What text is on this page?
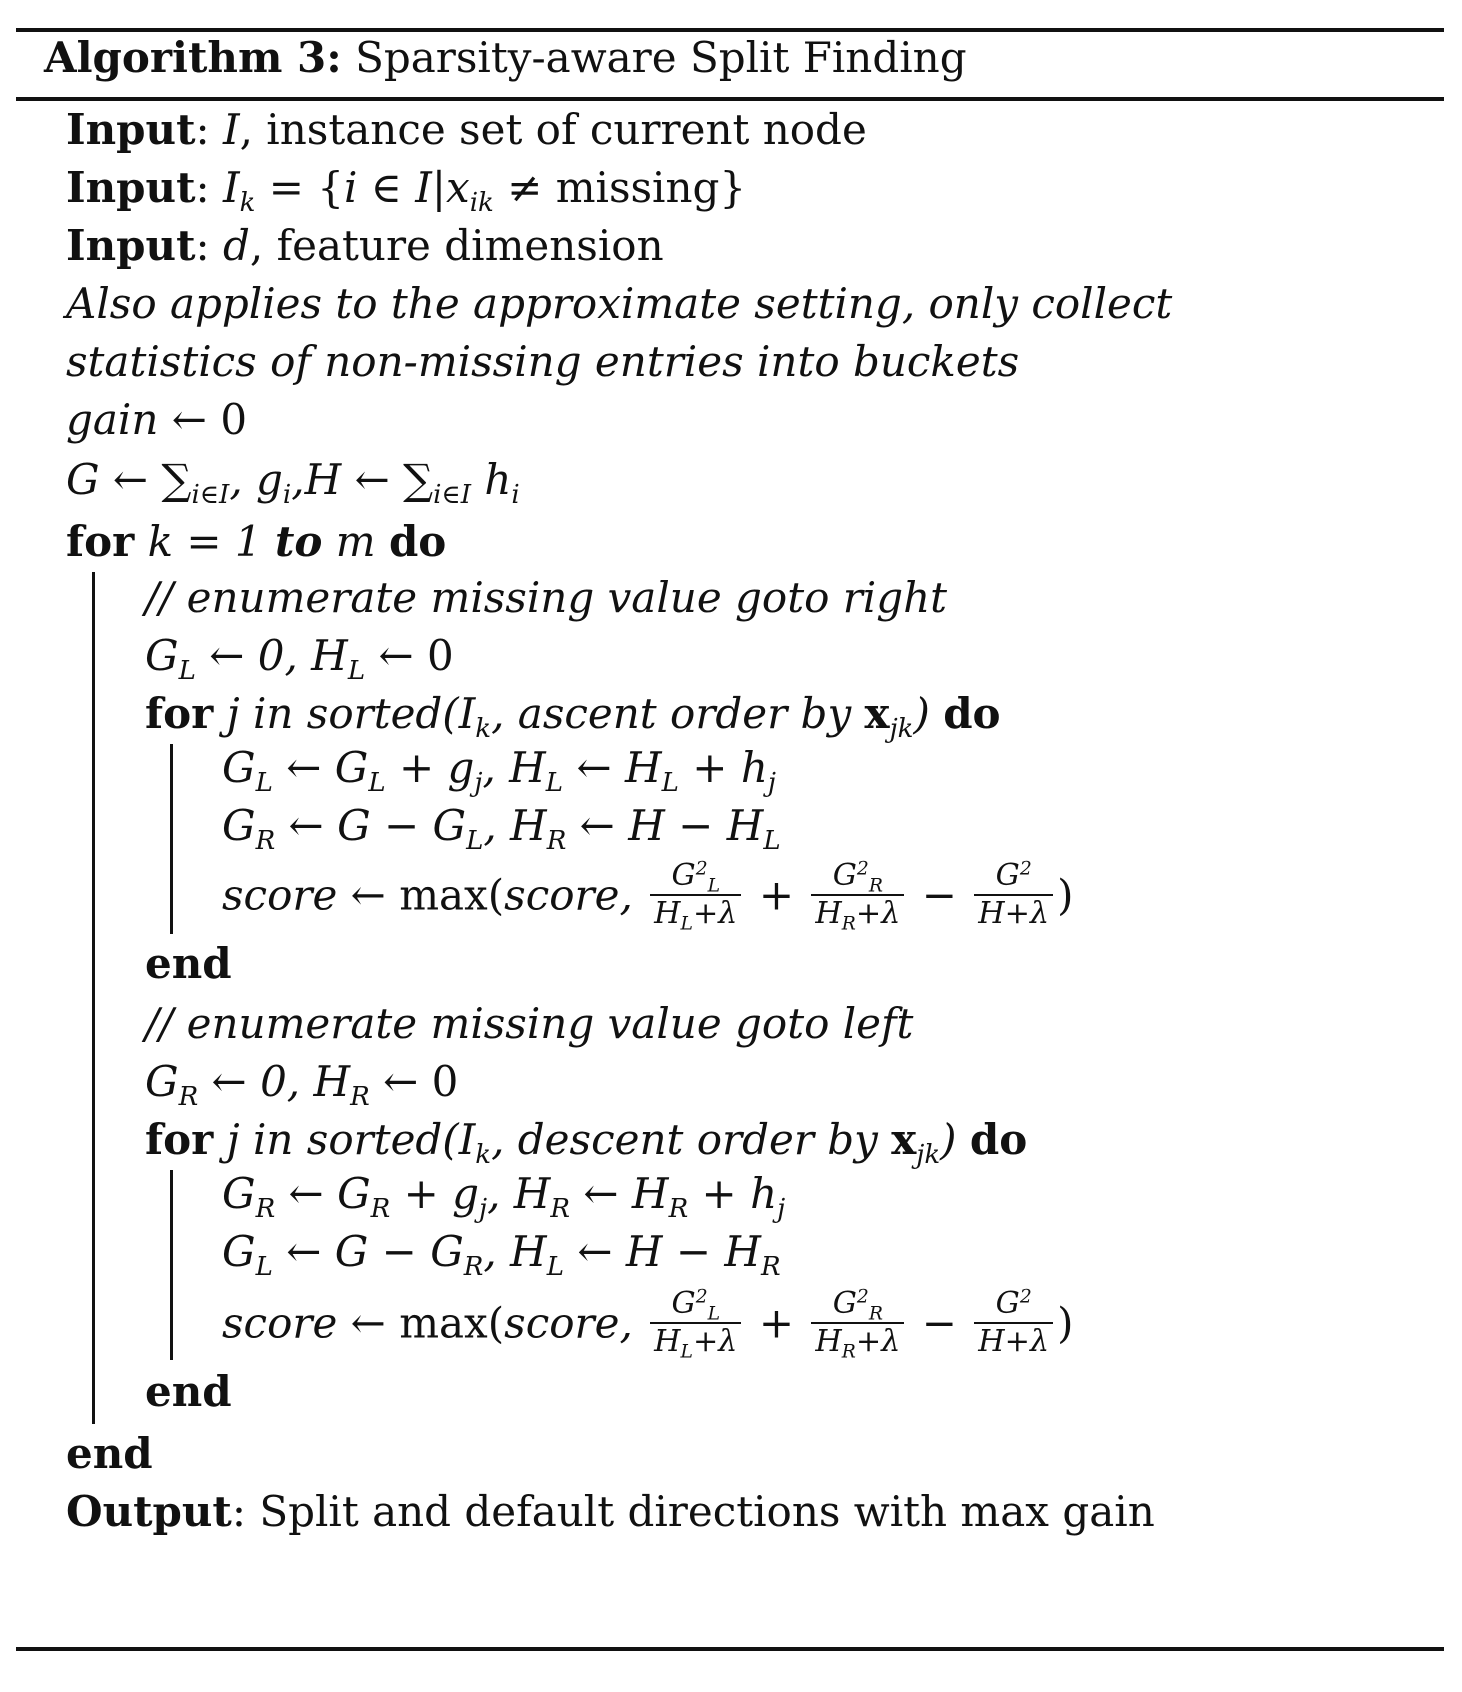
Algorithm 3: Sparsity-aware Split Finding
Input: I, instance set of current node
Input: $I_k = \{i$ ∈ $I|x_{ik} \ne missing$}
Input: d, feature dimension
Also applies to the approximate setting, only collect
statistics of non-missing entries into buckets
gain ← 0
G ← $\sum_{i\in I}$, $g_i,H$ ← $\sum_{i\in I}$ $h_i$
for k = 1 to m do
// enumerate missing value goto right
$G_L$ ← 0, $H_L$ ← 0
for j in $sorted(I_k$, ascent order by $x_{jk}$) do
$G_L$ ← $G_L + g_j$, $H_L$ ← $H_L + h_j$
$G_R$ ← $G - G_L$, $H_R$ ← $H - H_L$
score ← max(score, $\frac{G^2_L}{H_L+\lambda} + \frac{G^2_R}{H_R+\lambda} - \frac{G^2}{H+\lambda}$ )
end
// enumerate missing value goto left
$G_R$ ← 0, $H_R$ ← 0
for j in $sorted(I_k$, descent order by $x_{jk}$) do
$G_R$ ← $G_R + g_j$, $H_R$ ← $H_R + h_j$
$G_L$ ← $G - G_R$, $H_L$ ← $H - H_R$
score ← max(score, $\frac{G^2_L}{H_L+\lambda} + \frac{G^2_R}{H_R+\lambda} - \frac{G^2}{H+\lambda}$ )
end
end
Output: Split and default directions with max gain
